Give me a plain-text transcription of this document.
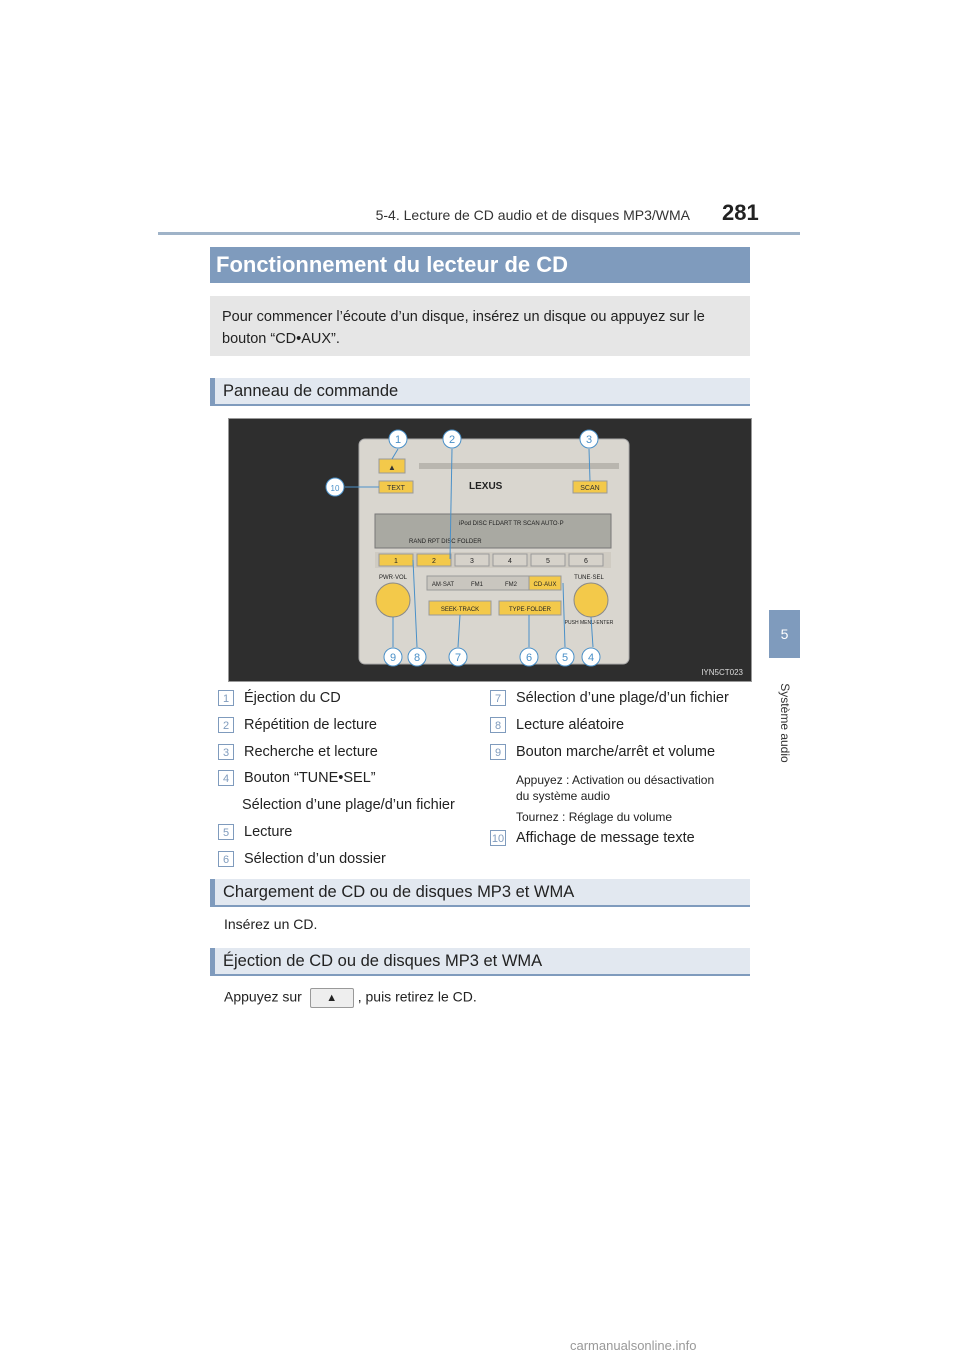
5-4. Lecture de CD audio et de disques MP3/WMA 281
5
Système audio
Fonctionnement du lecteur de CD
Pour commencer l’écoute d’un disque, insérez un disque ou appuyez sur le bouton “CD•AUX”.
Panneau de commande
▲
TEXT	LEXUS	SCAN
iPod DISC FLDART TR SCAN AUTO·P
RAND RPT DISC FOLDER
1	2	3	4	5	6
AM·SAT	FM1	FM2	CD·AUX
SEEK·TRACK	TYPE·FOLDER
PWR·VOL	TUNE·SEL
PUSH MENU·ENTER
1	2	3
4
5
6
7
8
9
10
IYN5CT023
1 Éjection du CD
2 Répétition de lecture
3 Recherche et lecture
4 Bouton “TUNE•SEL”
Sélection d’une plage/d’un fichier
5 Lecture
6 Sélection d’un dossier
7 Sélection d’une plage/d’un fichier
8 Lecture aléatoire
9 Bouton marche/arrêt et volume
Appuyez : Activation ou désactivation
du système audio
Tournez : Réglage du volume
10 Affichage de message texte
Chargement de CD ou de disques MP3 et WMA
Insérez un CD.
Éjection de CD ou de disques MP3 et WMA
Appuyez sur ▲ , puis retirez le CD.
carmanualsonline.info
